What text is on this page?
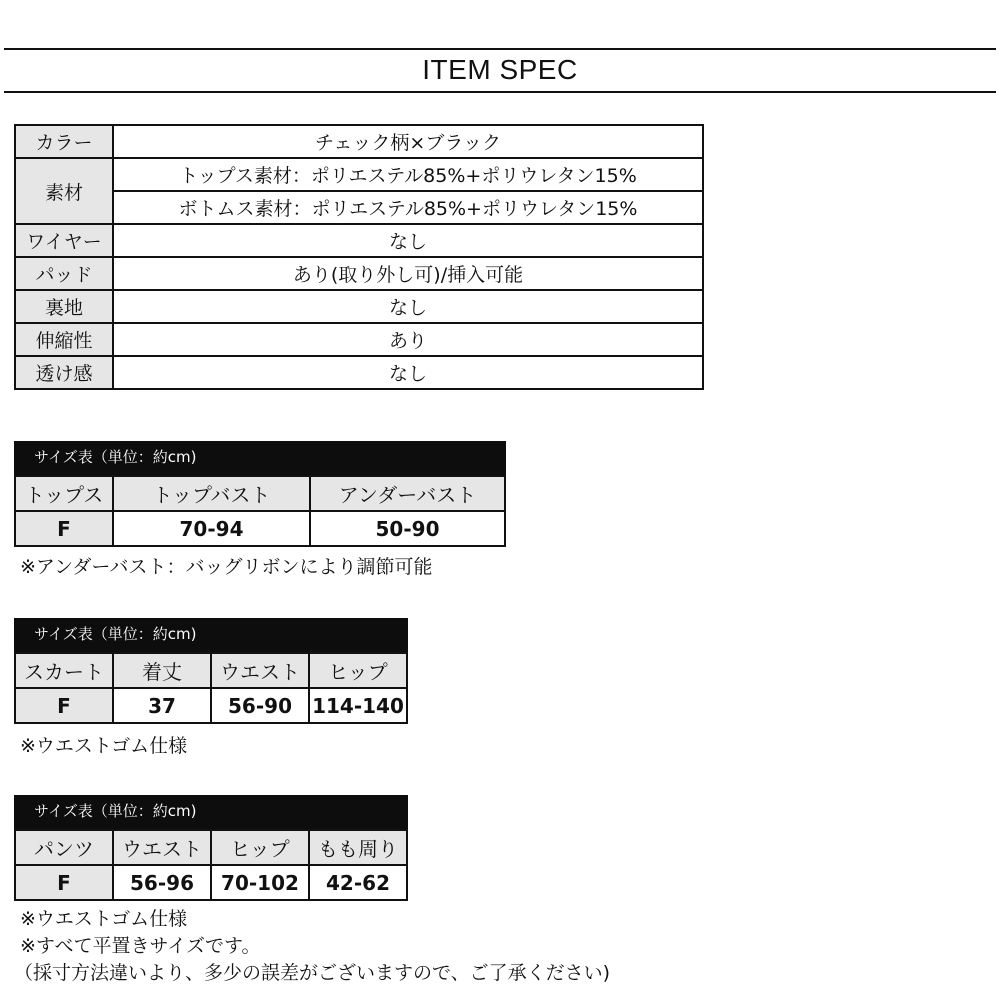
ITEM SPEC
カラー	チェック柄×ブラック
素材	トップス素材：ポリエステル85%+ポリウレタン15%
	ボトムス素材：ポリエステル85%+ポリウレタン15%
ワイヤー	なし
パッド	あり(取り外し可)/挿入可能
裏地	なし
伸縮性	あり
透け感	なし
サイズ表（単位：約cm)
トップス	トップバスト	アンダーバスト
F	70-94	50-90
※アンダーバスト：バッグリボンにより調節可能
サイズ表（単位：約cm)
スカート	着丈	ウエスト	ヒップ
F	37	56-90	114-140
※ウエストゴム仕様
サイズ表（単位：約cm)
パンツ	ウエスト	ヒップ	もも周り
F	56-96	70-102	42-62
※ウエストゴム仕様
※すべて平置きサイズです。
（採寸方法違いより、多少の誤差がございますので、ご了承ください)
